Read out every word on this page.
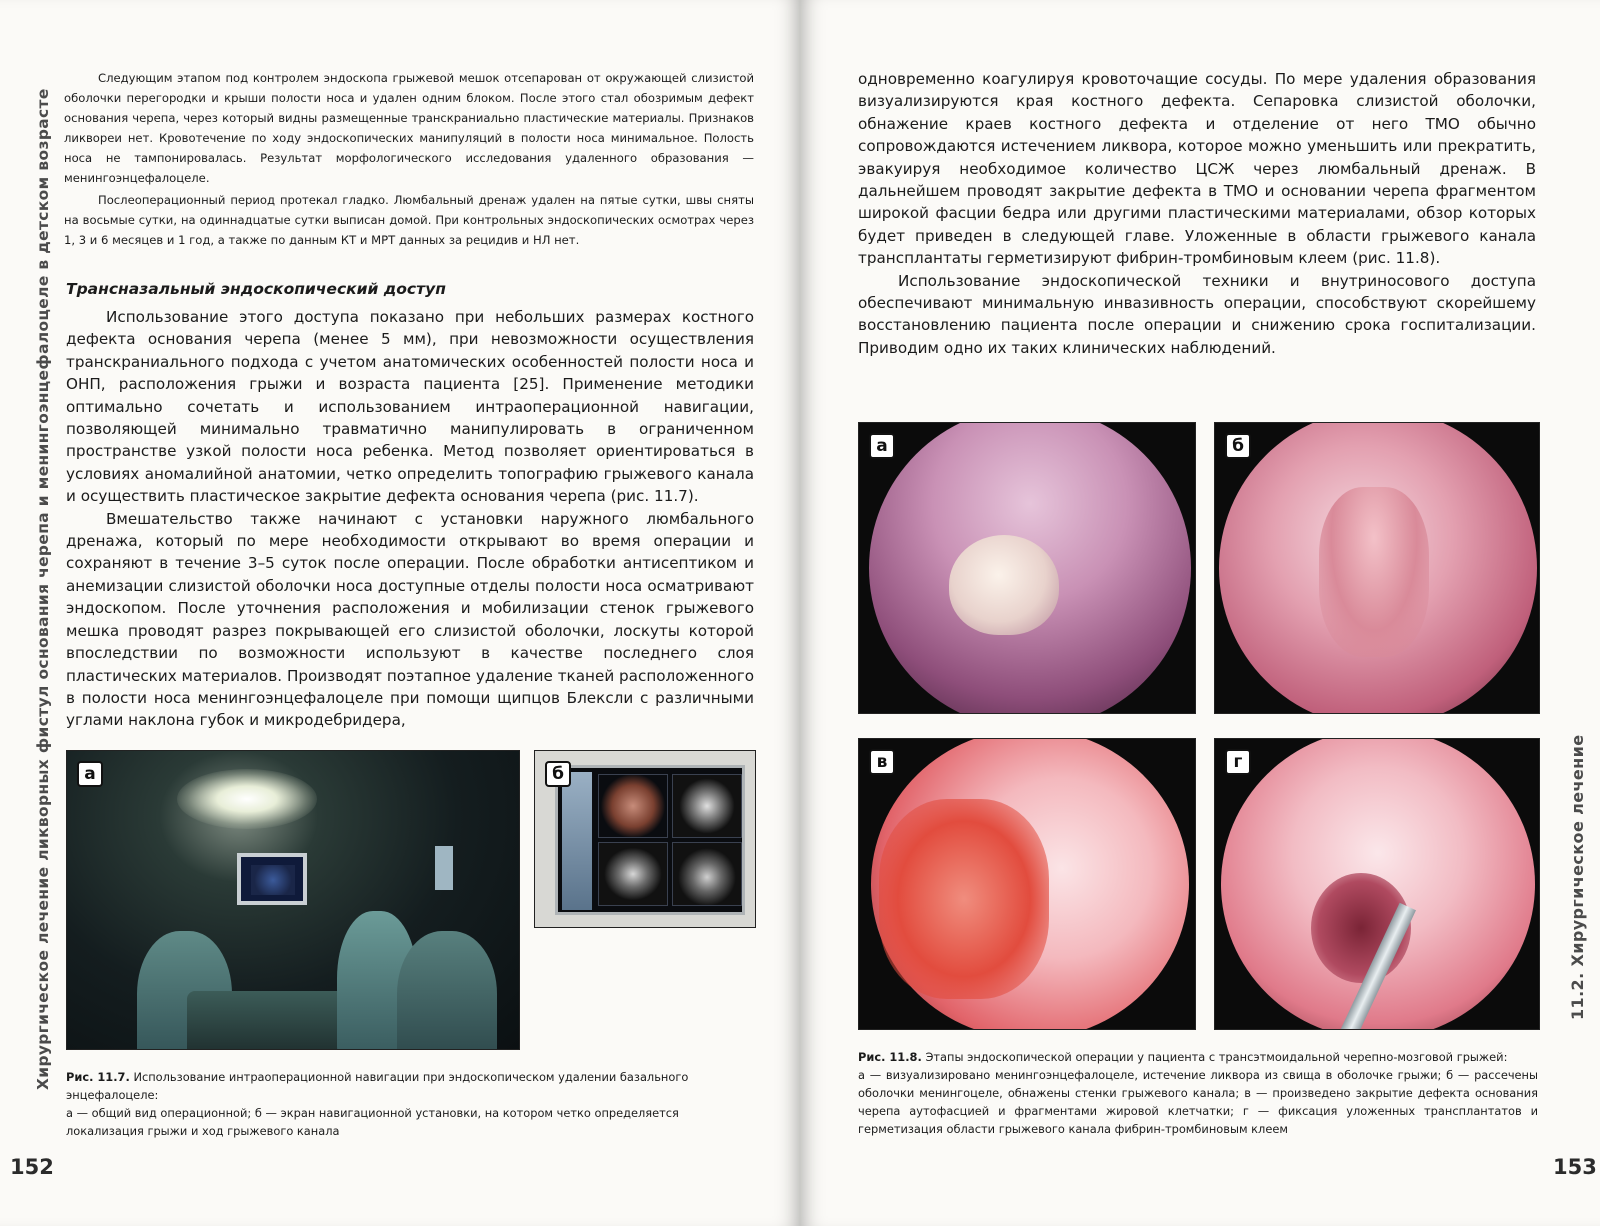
Хирургическое лечение ликворных фистул основания черепа и менингоэнцефалоцеле в детском возрасте

Следующим этапом под контролем эндоскопа грыжевой мешок отсепарован от окружающей слизистой оболочки перегородки и крыши полости носа и удален одним блоком. После этого стал обозримым дефект основания черепа, через который видны размещенные транскраниально пластические материалы. Признаков ликвореи нет. Кровотечение по ходу эндоскопических манипуляций в полости носа минимальное. Полость носа не тампонировалась. Результат морфологического исследования удаленного образования — менингоэнцефалоцеле.

Послеоперационный период протекал гладко. Люмбальный дренаж удален на пятые сутки, швы сняты на восьмые сутки, на одиннадцатые сутки выписан домой. При контрольных эндоскопических осмотрах через 1, 3 и 6 месяцев и 1 год, а также по данным КТ и МРТ данных за рецидив и НЛ нет.

Трансназальный эндоскопический доступ

Использование этого доступа показано при небольших размерах костного дефекта основания черепа (менее 5 мм), при невозможности осуществления транскраниального подхода с учетом анатомических особенностей полости носа и ОНП, расположения грыжи и возраста пациента [25]. Применение методики оптимально сочетать и использованием интраоперационной навигации, позволяющей минимально травматично манипулировать в ограниченном пространстве узкой полости носа ребенка. Метод позволяет ориентироваться в условиях аномалийной анатомии, четко определить топографию грыжевого канала и осуществить пластическое закрытие дефекта основания черепа (рис. 11.7).

Вмешательство также начинают с установки наружного люмбального дренажа, который по мере необходимости открывают во время операции и сохраняют в течение 3–5 суток после операции. После обработки антисептиком и анемизации слизистой оболочки носа доступные отделы полости носа осматривают эндоскопом. После уточнения расположения и мобилизации стенок грыжевого мешка проводят разрез покрывающей его слизистой оболочки, лоскуты которой впоследствии по возможности используют в качестве последнего слоя пластических материалов. Производят поэтапное удаление тканей расположенного в полости носа менингоэнцефалоцеле при помощи щипцов Блексли с различными углами наклона губок и микродебридера,

а	б
Рис. 11.7. Использование интраоперационной навигации при эндоскопическом удалении базального энцефалоцеле:
а — общий вид операционной; б — экран навигационной установки, на котором четко определяется локализация грыжи и ход грыжевого канала
152

одновременно коагулируя кровоточащие сосуды. По мере удаления образования визуализируются края костного дефекта. Сепаровка слизистой оболочки, обнажение краев костного дефекта и отделение от него ТМО обычно сопровождаются истечением ликвора, которое можно уменьшить или прекратить, эвакуируя необходимое количество ЦСЖ через люмбальный дренаж. В дальнейшем проводят закрытие дефекта в ТМО и основании черепа фрагментом широкой фасции бедра или другими пластическими материалами, обзор которых будет приведен в следующей главе. Уложенные в области грыжевого канала трансплантаты герметизируют фибрин-тромбиновым клеем (рис. 11.8).

Использование эндоскопической техники и внутриносового доступа обеспечивают минимальную инвазивность операции, способствуют скорейшему восстановлению пациента после операции и снижению срока госпитализации. Приводим одно их таких клинических наблюдений.

а	б
в	г
Рис. 11.8. Этапы эндоскопической операции у пациента с трансэтмоидальной черепно-мозговой грыжей:
а — визуализировано менингоэнцефалоцеле, истечение ликвора из свища в оболочке грыжи; б — рассечены оболочки менингоцеле, обнажены стенки грыжевого канала; в — произведено закрытие дефекта основания черепа аутофасцией и фрагментами жировой клетчатки; г — фиксация уложенных трансплантатов и герметизация области грыжевого канала фибрин-тромбиновым клеем
11.2. Хирургическое лечение
153
